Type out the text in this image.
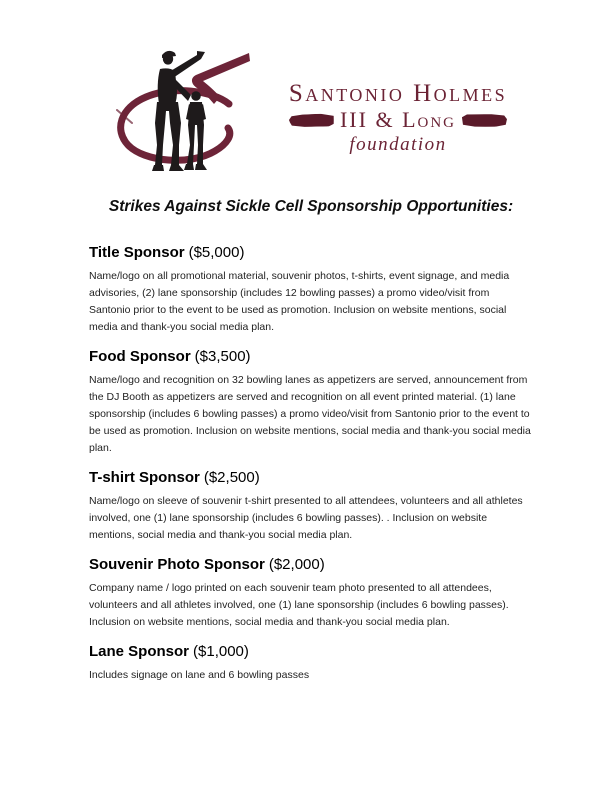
Santonio Holmes
III & Long
foundation
Strikes Against Sickle Cell Sponsorship Opportunities:
Title Sponsor ($5,000)

Name/logo on all promotional material, souvenir photos, t-shirts, event signage, and media advisories, (2) lane sponsorship (includes 12 bowling passes) a promo video/visit from Santonio prior to the event to be used as promotion. Inclusion on website mentions, social media and thank-you social media plan.

Food Sponsor ($3,500)

Name/logo and recognition on 32 bowling lanes as appetizers are served, announcement from the DJ Booth as appetizers are served and recognition on all event printed material. (1) lane sponsorship (includes 6 bowling passes) a promo video/visit from Santonio prior to the event to be used as promotion. Inclusion on website mentions, social media and thank-you social media plan.

T-shirt Sponsor ($2,500)

Name/logo on sleeve of souvenir t-shirt presented to all attendees, volunteers and all athletes involved, one (1) lane sponsorship (includes 6 bowling passes). . Inclusion on website mentions, social media and thank-you social media plan.

Souvenir Photo Sponsor ($2,000)

Company name / logo printed on each souvenir team photo presented to all attendees, volunteers and all athletes involved, one (1) lane sponsorship (includes 6 bowling passes). Inclusion on website mentions, social media and thank-you social media plan.

Lane Sponsor ($1,000)

Includes signage on lane and 6 bowling passes
